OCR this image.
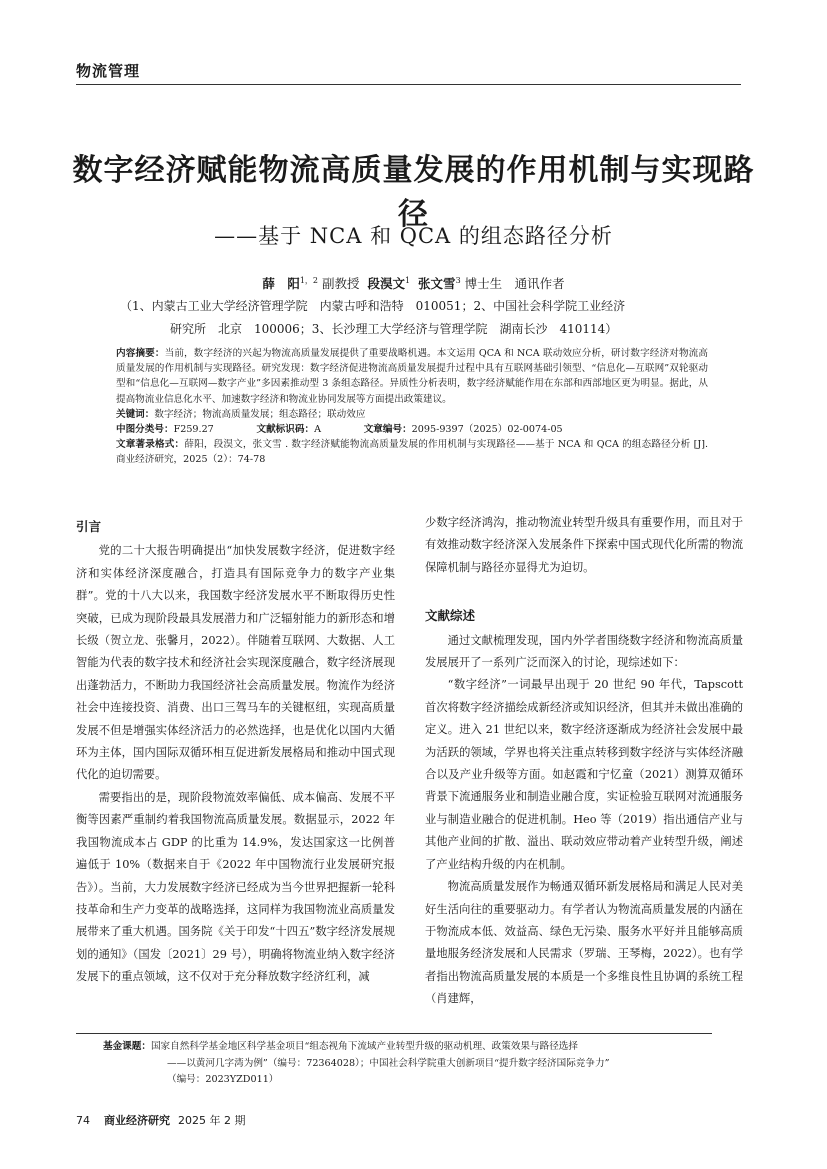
物流管理
数字经济赋能物流高质量发展的作用机制与实现路径
——基于 NCA 和 QCA 的组态路径分析
薛　阳$^{1,2}$ 副教授 段淏文$^1$ 张文雪$^3$ 博士生　通讯作者
（1、内蒙古工业大学经济管理学院　内蒙古呼和浩特　010051；2、中国社会科学院工业经济
研究所　北京　100006；3、长沙理工大学经济与管理学院　湖南长沙　410114）

内容摘要：当前，数字经济的兴起为物流高质量发展提供了重要战略机遇。本文运用 QCA 和 NCA 联动效应分析，研讨数字经济对物流高质量发展的作用机制与实现路径。研究发现：数字经济促进物流高质量发展提升过程中具有互联网基础引领型、“信息化—互联网”双轮驱动型和“信息化—互联网—数字产业”多因素推动型 3 条组态路径。异质性分析表明，数字经济赋能作用在东部和西部地区更为明显。据此，从提高物流业信息化水平、加速数字经济和物流业协同发展等方面提出政策建议。

关键词：数字经济；物流高质量发展；组态路径；联动效应

中图分类号：F259.27	文献标识码：A	文章编号：2095-9397（2025）02-0074-05

文章著录格式：薛阳，段淏文，张文雪 . 数字经济赋能物流高质量发展的作用机制与实现路径——基于 NCA 和 QCA 的组态路径分析 [J]. 商业经济研究，2025（2）：74-78

引言

党的二十大报告明确提出“加快发展数字经济，促进数字经济和实体经济深度融合，打造具有国际竞争力的数字产业集群”。党的十八大以来，我国数字经济发展水平不断取得历史性突破，已成为现阶段最具发展潜力和广泛辐射能力的新形态和增长级（贺立龙、张馨月，2022）。伴随着互联网、大数据、人工智能为代表的数字技术和经济社会实现深度融合，数字经济展现出蓬勃活力，不断助力我国经济社会高质量发展。物流作为经济社会中连接投资、消费、出口三驾马车的关键枢纽，实现高质量发展不但是增强实体经济活力的必然选择，也是优化以国内大循环为主体，国内国际双循环相互促进新发展格局和推动中国式现代化的迫切需要。

需要指出的是，现阶段物流效率偏低、成本偏高、发展不平衡等因素严重制约着我国物流高质量发展。数据显示，2022 年我国物流成本占 GDP 的比重为 14.9%，发达国家这一比例普遍低于 10%（数据来自于《2022 年中国物流行业发展研究报告》）。当前，大力发展数字经济已经成为当今世界把握新一轮科技革命和生产力变革的战略选择，这同样为我国物流业高质量发展带来了重大机遇。国务院《关于印发“十四五”数字经济发展规划的通知》（国发〔2021〕29 号），明确将物流业纳入数字经济发展下的重点领域，这不仅对于充分释放数字经济红利，减

少数字经济鸿沟，推动物流业转型升级具有重要作用，而且对于有效推动数字经济深入发展条件下探索中国式现代化所需的物流保障机制与路径亦显得尤为迫切。

文献综述

通过文献梳理发现，国内外学者围绕数字经济和物流高质量发展展开了一系列广泛而深入的讨论，现综述如下：

“数字经济”一词最早出现于 20 世纪 90 年代，Tapscott 首次将数字经济描绘成新经济或知识经济，但其并未做出准确的定义。进入 21 世纪以来，数字经济逐渐成为经济社会发展中最为活跃的领域，学界也将关注重点转移到数字经济与实体经济融合以及产业升级等方面。如赵霞和宁忆童（2021）测算双循环背景下流通服务业和制造业融合度，实证检验互联网对流通服务业与制造业融合的促进机制。Heo 等（2019）指出通信产业与其他产业间的扩散、溢出、联动效应带动着产业转型升级，阐述了产业结构升级的内在机制。

物流高质量发展作为畅通双循环新发展格局和满足人民对美好生活向往的重要驱动力。有学者认为物流高质量发展的内涵在于物流成本低、效益高、绿色无污染、服务水平好并且能够高质量地服务经济发展和人民需求（罗瑞、王琴梅，2022）。也有学者指出物流高质量发展的本质是一个多维良性且协调的系统工程（肖建辉，

基金课题：国家自然科学基金地区科学基金项目“组态视角下流域产业转型升级的驱动机理、政策效果与路径选择
——以黄河几字湾为例”（编号：72364028）；中国社会科学院重大创新项目“提升数字经济国际竞争力”
（编号：2023YZD011）
74 商业经济研究 2025 年 2 期
